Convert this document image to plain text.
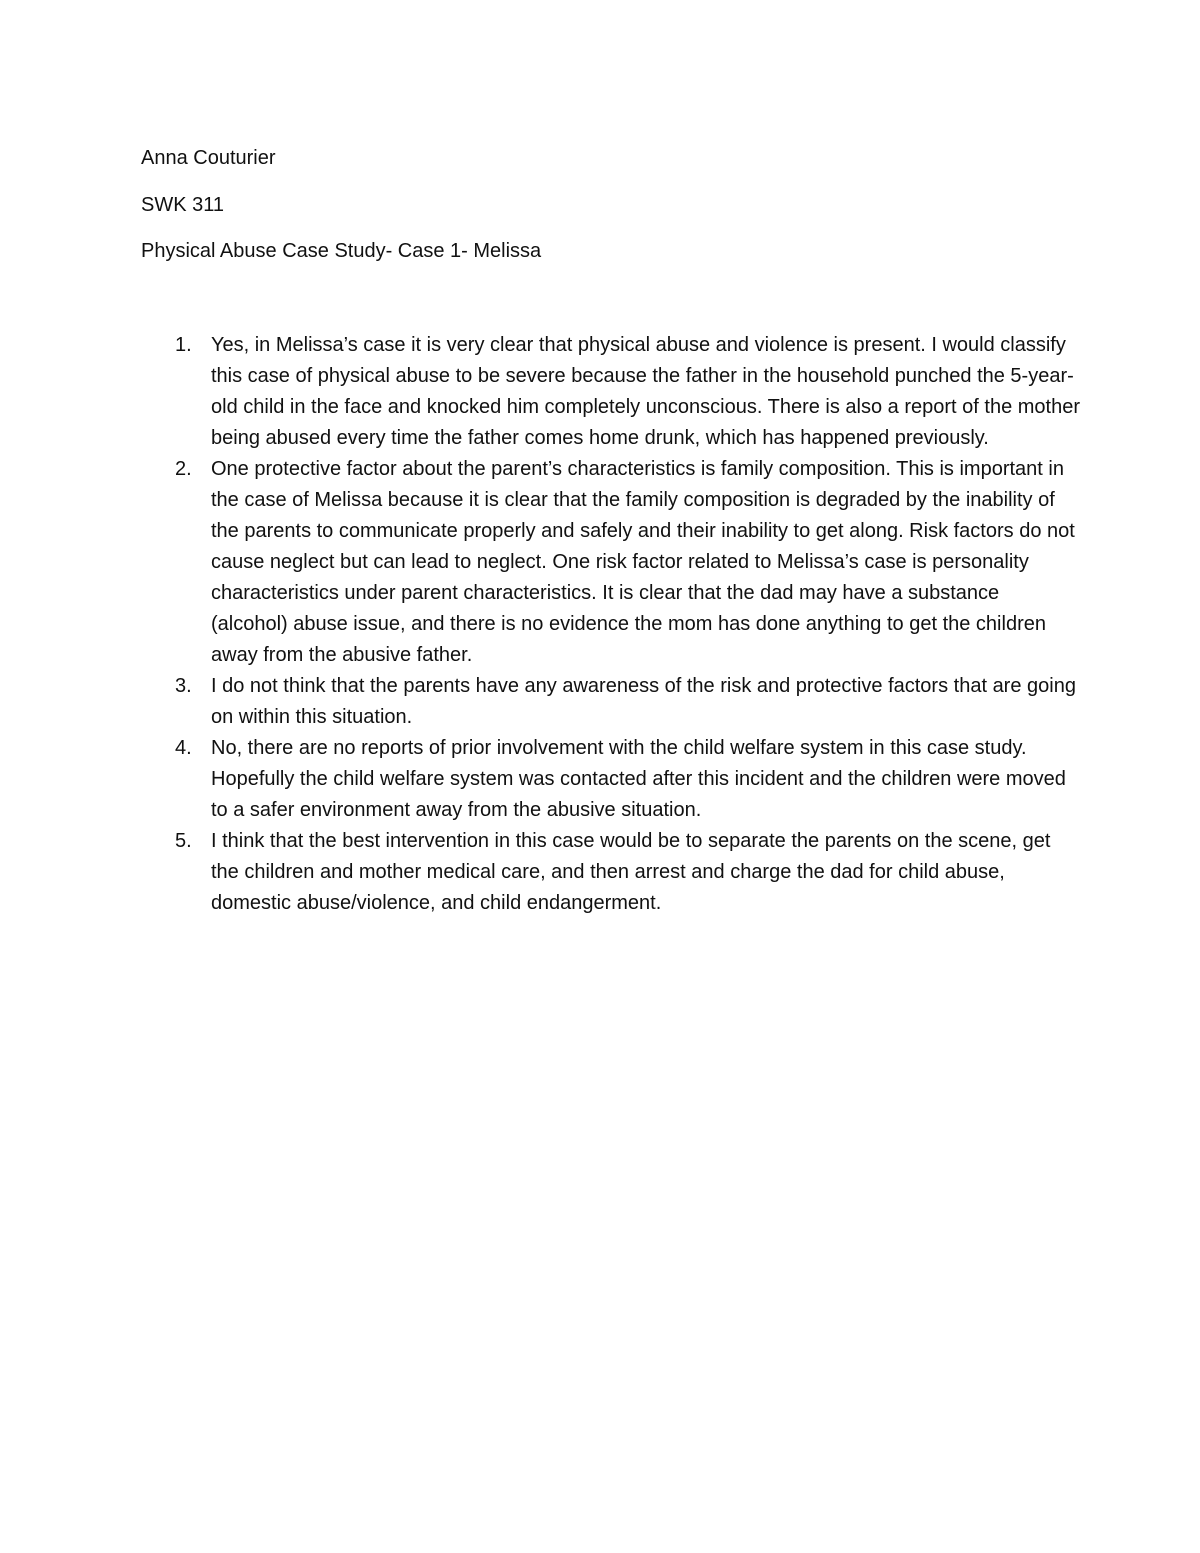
Anna Couturier
SWK 311
Physical Abuse Case Study- Case 1- Melissa
1. Yes, in Melissa’s case it is very clear that physical abuse and violence is present. I would classify this case of physical abuse to be severe because the father in the household punched the 5-year-old child in the face and knocked him completely unconscious. There is also a report of the mother being abused every time the father comes home drunk, which has happened previously.
2. One protective factor about the parent’s characteristics is family composition. This is important in the case of Melissa because it is clear that the family composition is degraded by the inability of the parents to communicate properly and safely and their inability to get along. Risk factors do not cause neglect but can lead to neglect. One risk factor related to Melissa’s case is personality characteristics under parent characteristics. It is clear that the dad may have a substance (alcohol) abuse issue, and there is no evidence the mom has done anything to get the children away from the abusive father.
3. I do not think that the parents have any awareness of the risk and protective factors that are going on within this situation.
4. No, there are no reports of prior involvement with the child welfare system in this case study. Hopefully the child welfare system was contacted after this incident and the children were moved to a safer environment away from the abusive situation.
5. I think that the best intervention in this case would be to separate the parents on the scene, get the children and mother medical care, and then arrest and charge the dad for child abuse, domestic abuse/violence, and child endangerment.
